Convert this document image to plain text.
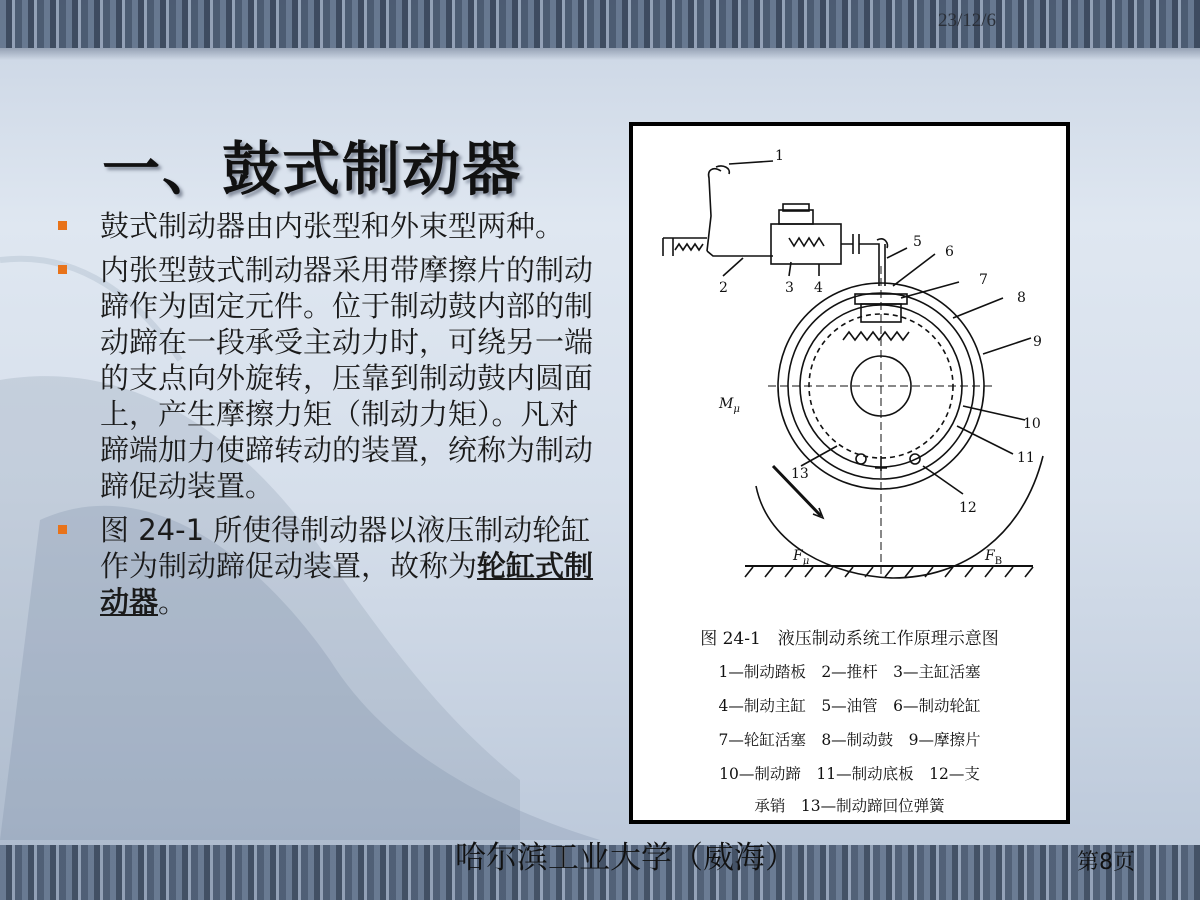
23/12/6
一、鼓式制动器
鼓式制动器由内张型和外束型两种。
内张型鼓式制动器采用带摩擦片的制动蹄作为固定元件。位于制动鼓内部的制动蹄在一段承受主动力时，可绕另一端的支点向外旋转，压靠到制动鼓内圆面上，产生摩擦力矩（制动力矩）。凡对蹄端加力使蹄转动的装置，统称为制动蹄促动装置。
图 24-1 所使得制动器以液压制动轮缸作为制动蹄促动装置，故称为轮缸式制动器。
1
2	3 4
5
6
7
8
9
10
11
12
13
$M_\mu$
$F_\mu$	$F_B$
图 24-1　液压制动系统工作原理示意图
1—制动踏板　2—推杆　3—主缸活塞
4—制动主缸　5—油管　6—制动轮缸
7—轮缸活塞　8—制动鼓　9—摩擦片
10—制动蹄　11—制动底板　12—支
承销　13—制动蹄回位弹簧
哈尔滨工业大学（威海）	第8页
